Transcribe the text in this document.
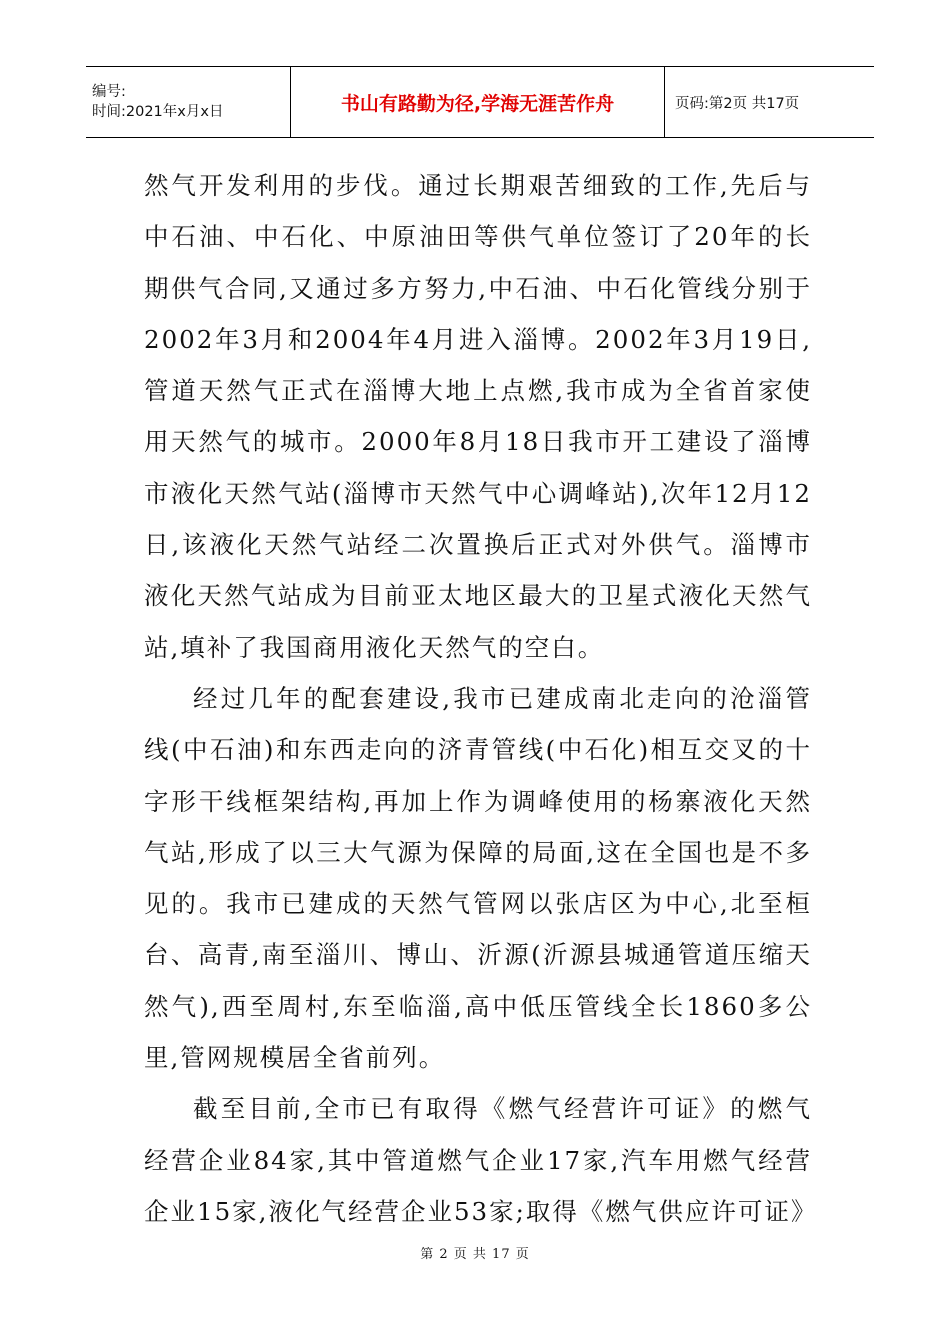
编号:
时间:2021年x月x日	书山有路勤为径,学海无涯苦作舟	页码:第2页 共17页

然气开发利用的步伐。通过长期艰苦细致的工作,先后与中石油、中石化、中原油田等供气单位签订了20年的长期供气合同,又通过多方努力,中石油、中石化管线分别于2002年3月和2004年4月进入淄博。2002年3月19日,管道天然气正式在淄博大地上点燃,我市成为全省首家使用天然气的城市。2000年8月18日我市开工建设了淄博市液化天然气站(淄博市天然气中心调峰站),次年12月12日,该液化天然气站经二次置换后正式对外供气。淄博市液化天然气站成为目前亚太地区最大的卫星式液化天然气站,填补了我国商用液化天然气的空白。

经过几年的配套建设,我市已建成南北走向的沧淄管线(中石油)和东西走向的济青管线(中石化)相互交叉的十字形干线框架结构,再加上作为调峰使用的杨寨液化天然气站,形成了以三大气源为保障的局面,这在全国也是不多见的。我市已建成的天然气管网以张店区为中心,北至桓台、高青,南至淄川、博山、沂源(沂源县城通管道压缩天然气),西至周村,东至临淄,高中低压管线全长1860多公里,管网规模居全省前列。

截至目前,全市已有取得《燃气经营许可证》的燃气经营企业84家,其中管道燃气企业17家,汽车用燃气经营企业15家,液化气经营企业53家;取得《燃气供应许可证》

第 2 页 共 17 页
